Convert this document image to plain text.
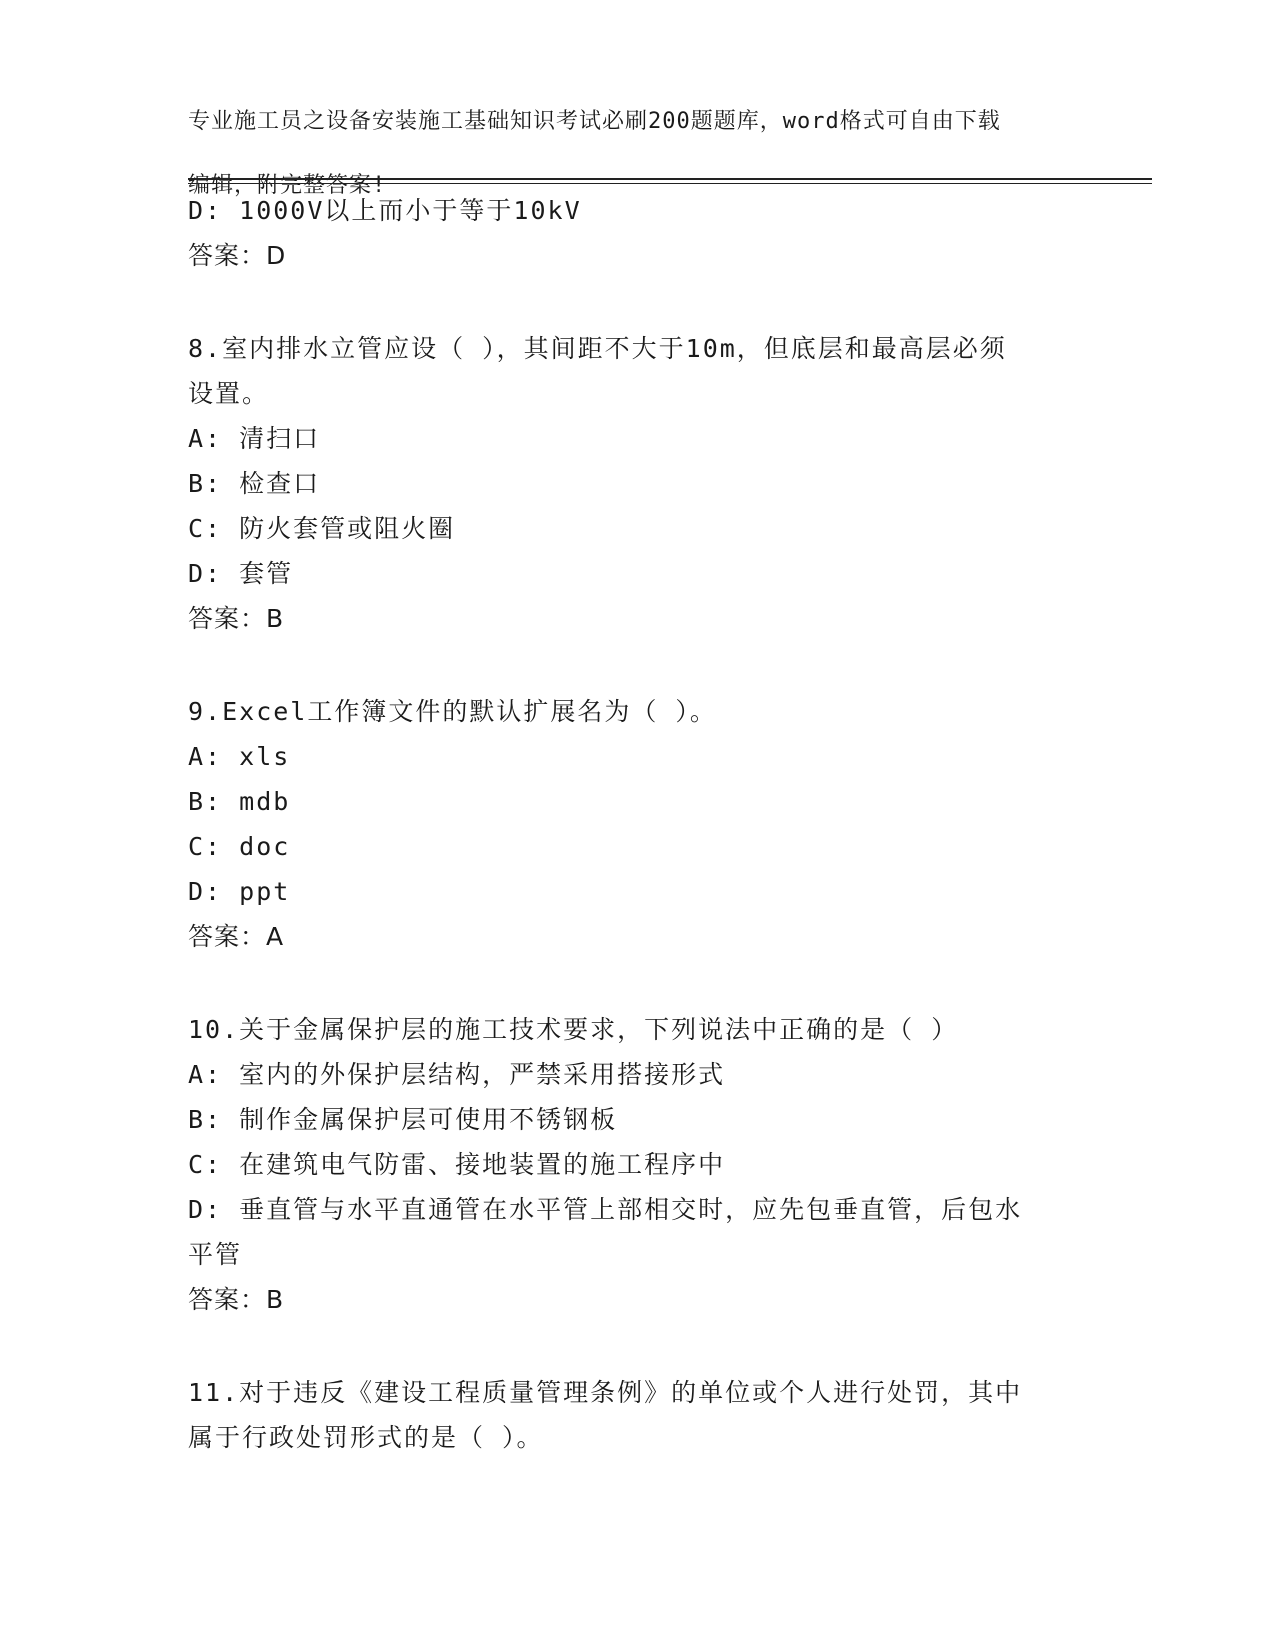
专业施工员之设备安装施工基础知识考试必刷200题题库，word格式可自由下载

编辑，附完整答案!

D: 1000V以上而小于等于10kV
答案：D
8.室内排水立管应设（ ），其间距不大于10m，但底层和最高层必须
设置。
A: 清扫口
B: 检查口
C: 防火套管或阻火圈
D: 套管
答案：B
9.Excel工作簿文件的默认扩展名为（ ）。
A: xls
B: mdb
C: doc
D: ppt
答案：A
10.关于金属保护层的施工技术要求，下列说法中正确的是（ ）
A: 室内的外保护层结构，严禁采用搭接形式
B: 制作金属保护层可使用不锈钢板
C: 在建筑电气防雷、接地装置的施工程序中
D: 垂直管与水平直通管在水平管上部相交时，应先包垂直管，后包水
平管
答案：B
11.对于违反《建设工程质量管理条例》的单位或个人进行处罚，其中
属于行政处罚形式的是（ ）。
